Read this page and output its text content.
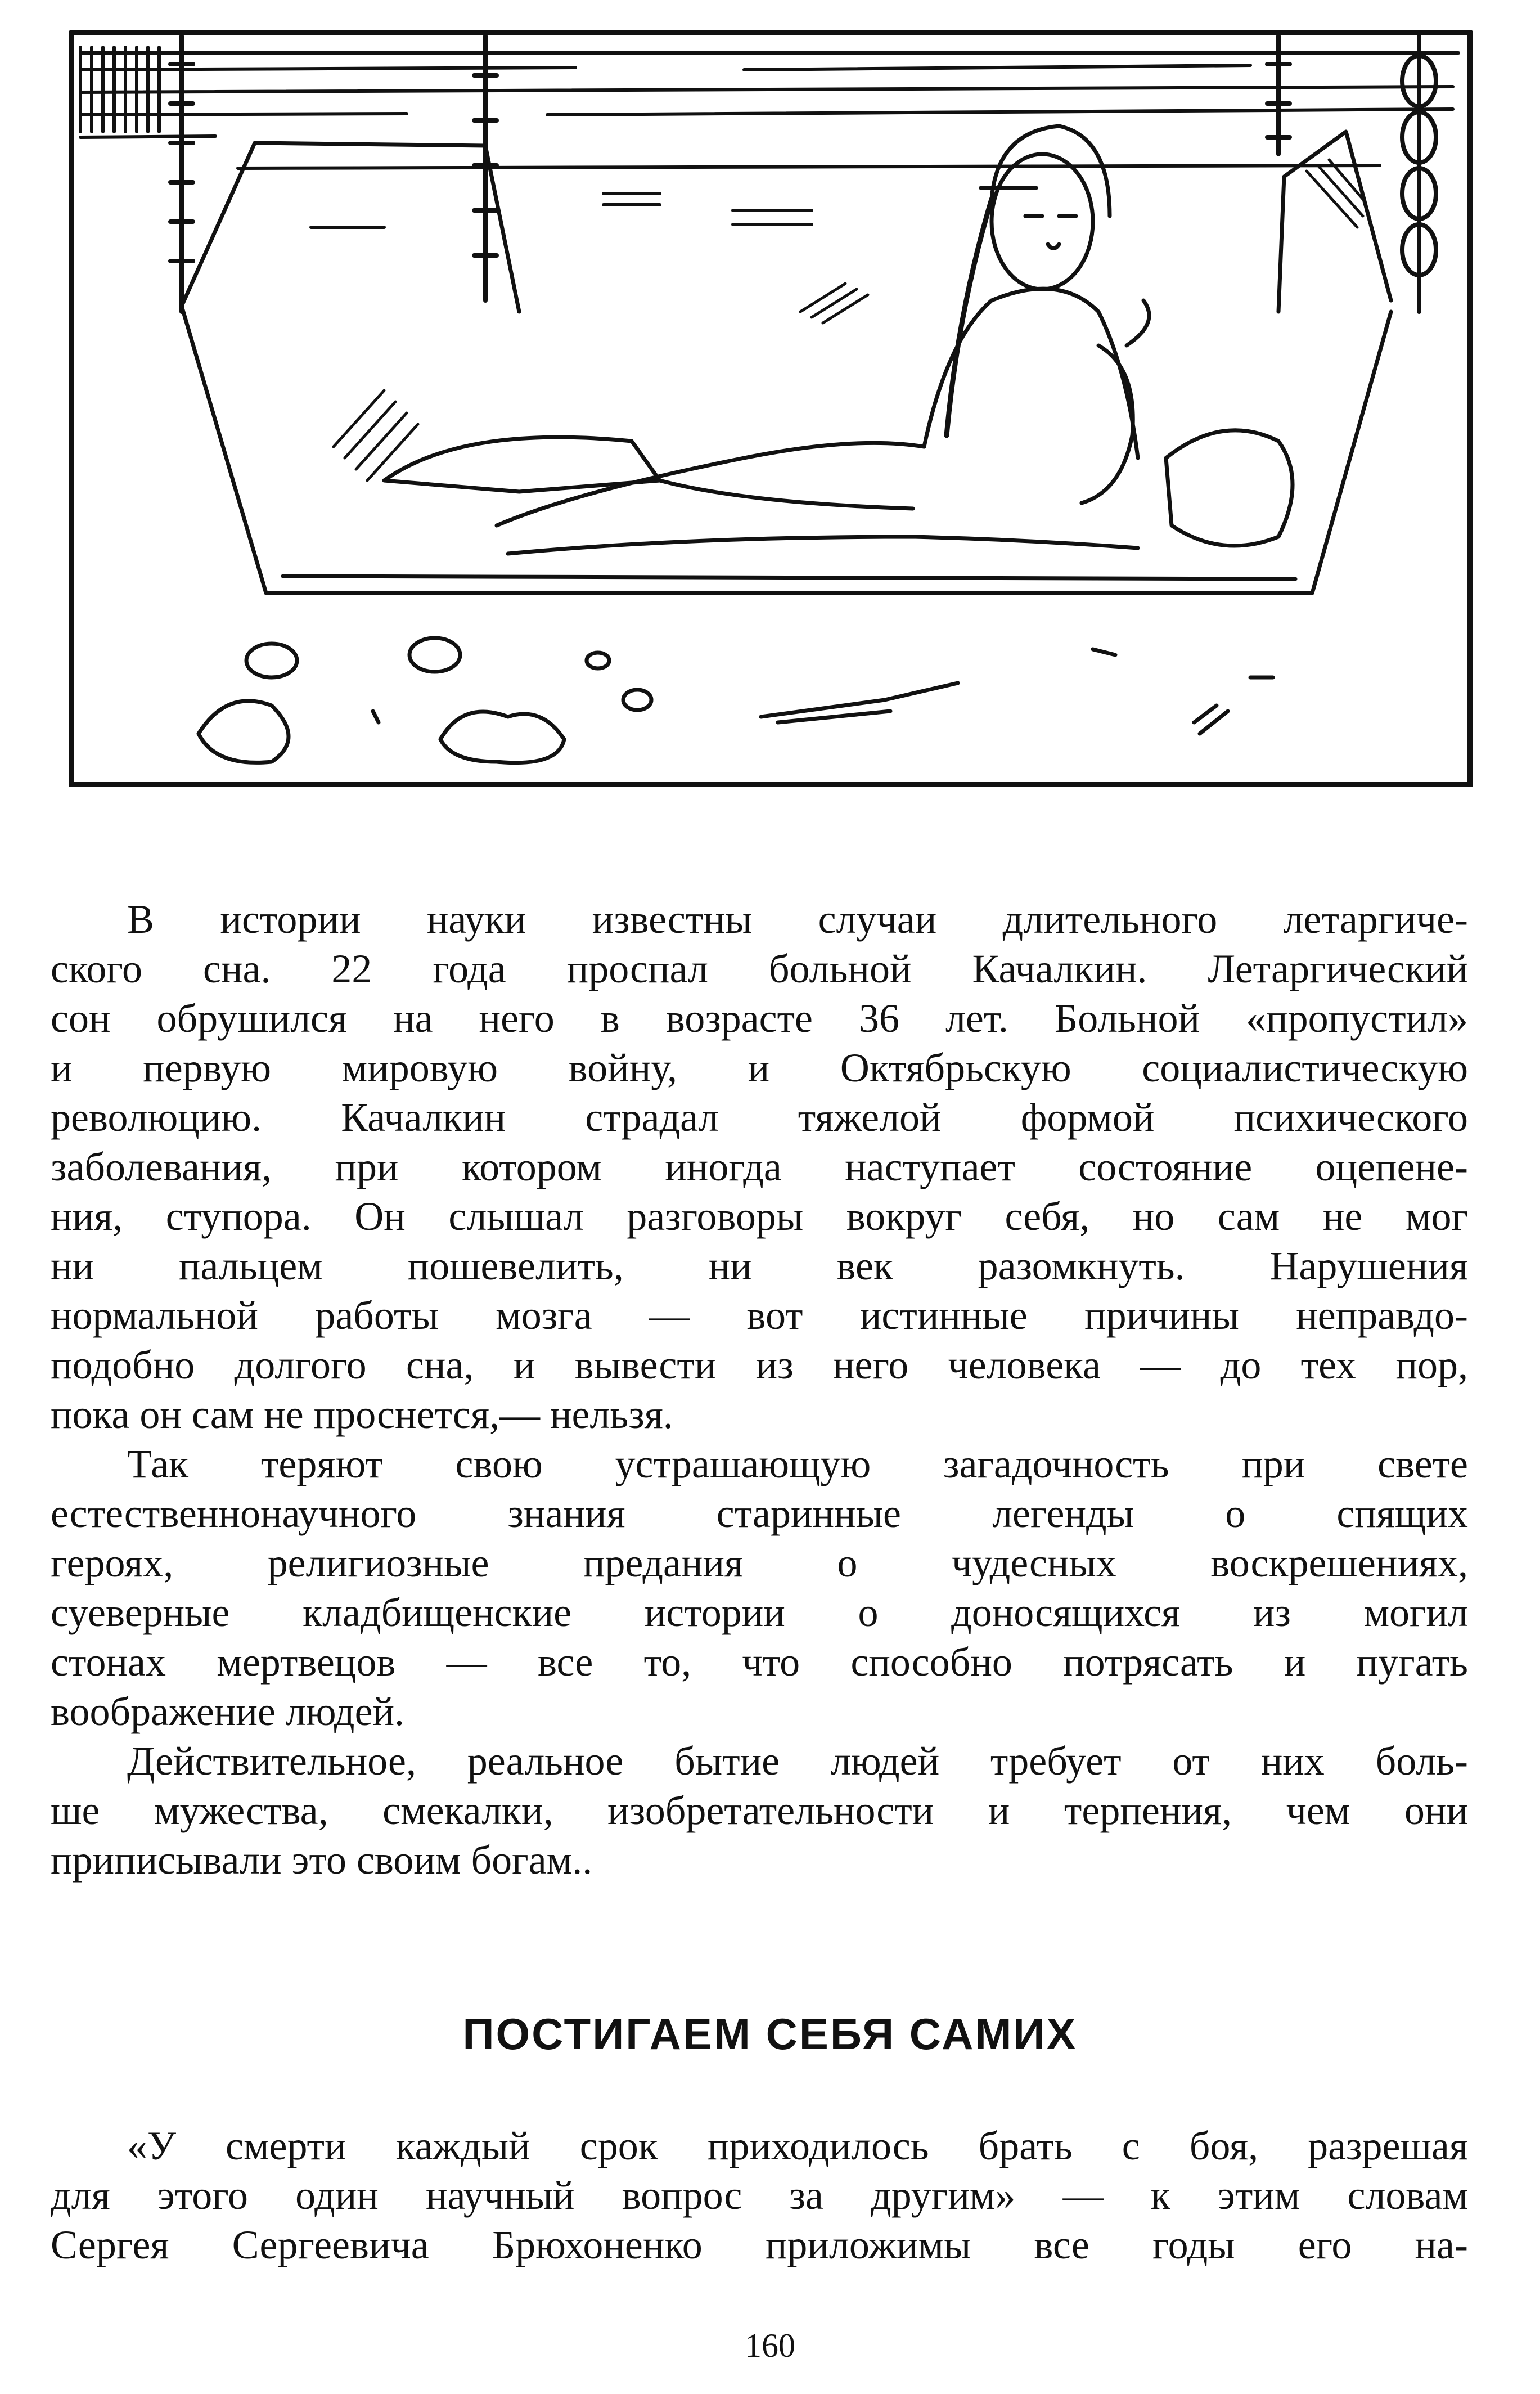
В истории науки известны случаи длительного летаргиче-
ского сна. 22 года проспал больной Качалкин. Летаргический
сон обрушился на него в возрасте 36 лет. Больной «пропустил»
и первую мировую войну, и Октябрьскую социалистическую
революцию. Качалкин страдал тяжелой формой психического
заболевания, при котором иногда наступает состояние оцепене-
ния, ступора. Он слышал разговоры вокруг себя, но сам не мог
ни пальцем пошевелить, ни век разомкнуть. Нарушения
нормальной работы мозга — вот истинные причины неправдо-
подобно долгого сна, и вывести из него человека — до тех пор,
пока он сам не проснется,— нельзя.

Так теряют свою устрашающую загадочность при свете
естественнонаучного знания старинные легенды о спящих
героях, религиозные предания о чудесных воскрешениях,
суеверные кладбищенские истории о доносящихся из могил
стонах мертвецов — все то, что способно потрясать и пугать
воображение людей.

Действительное, реальное бытие людей требует от них боль-
ше мужества, смекалки, изобретательности и терпения, чем они
приписывали это своим богам..

ПОСТИГАЕМ СЕБЯ САМИХ

«У смерти каждый срок приходилось брать с боя, разрешая
для этого один научный вопрос за другим» — к этим словам
Сергея Сергеевича Брюхоненко приложимы все годы его на-

160
